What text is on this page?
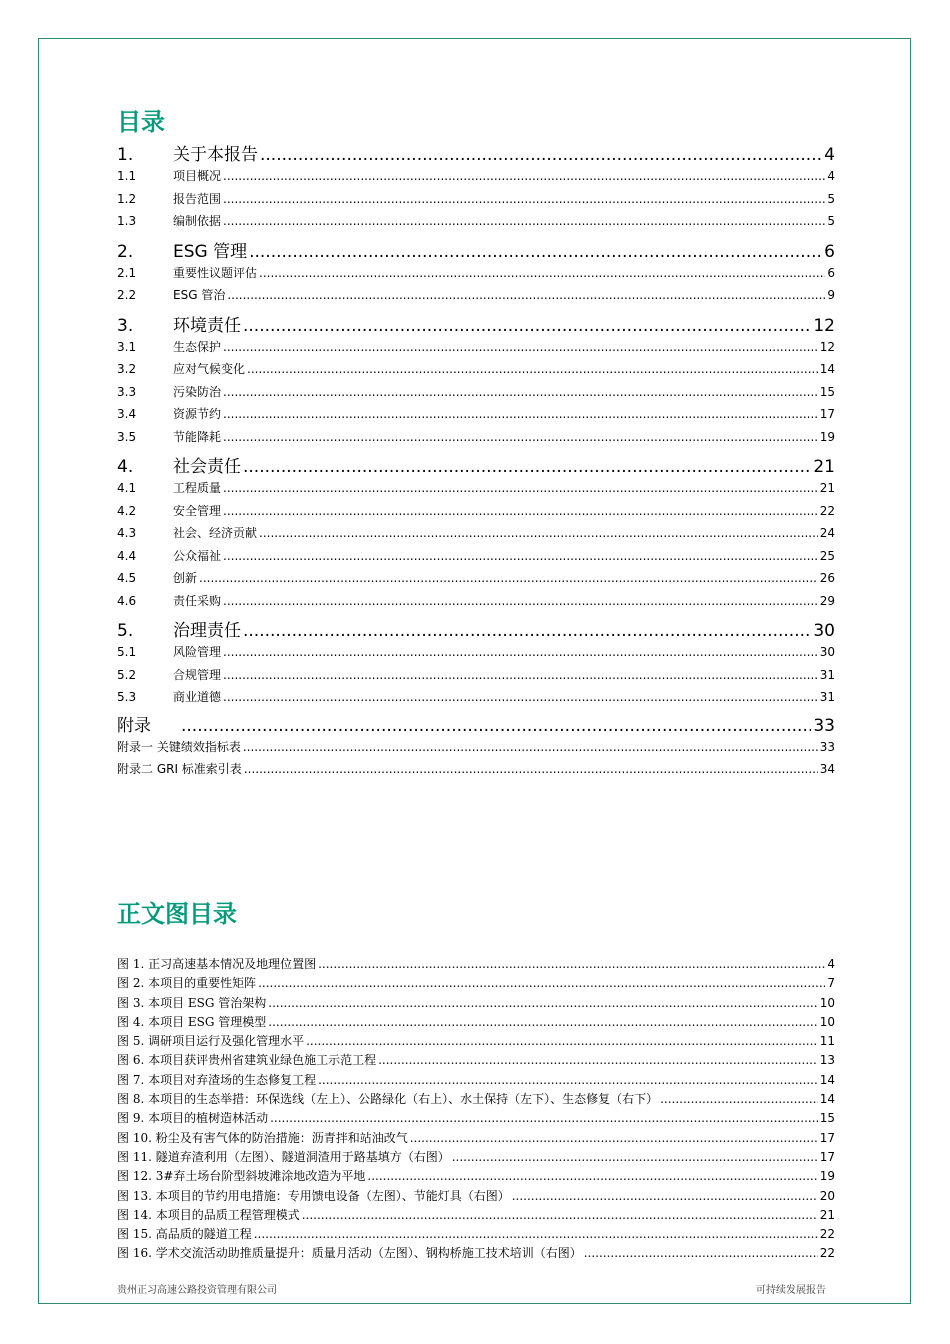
目录
1.	关于本报告 .....	4
1.1	项目概况 .....	4
1.2	报告范围 .....	5
1.3	编制依据 .....	5
2.	ESG 管理 .....	6
2.1	重要性议题评估 .....	6
2.2	ESG 管治 .....	9
3.	环境责任 .....	12
3.1	生态保护 .....	12
3.2	应对气候变化 .....	14
3.3	污染防治 .....	15
3.4	资源节约 .....	17
3.5	节能降耗 .....	19
4.	社会责任 .....	21
4.1	工程质量 .....	21
4.2	安全管理 .....	22
4.3	社会、经济贡献 .....	24
4.4	公众福祉 .....	25
4.5	创新 .....	26
4.6	责任采购 .....	29
5.	治理责任 .....	30
5.1	风险管理 .....	30
5.2	合规管理 .....	31
5.3	商业道德 .....	31
附录 .....	33
附录一 关键绩效指标表 .....	33
附录二 GRI 标准索引表 .....	34
正文图目录
图 1. 正习高速基本情况及地理位置图 .....	4
图 2. 本项目的重要性矩阵 .....	7
图 3. 本项目 ESG 管治架构 .....	10
图 4. 本项目 ESG 管理模型 .....	10
图 5. 调研项目运行及强化管理水平 .....	11
图 6. 本项目获评贵州省建筑业绿色施工示范工程 .....	13
图 7. 本项目对弃渣场的生态修复工程 .....	14
图 8. 本项目的生态举措：环保选线（左上）、公路绿化（右上）、水土保持（左下）、生态修复（右下） .....	14
图 9. 本项目的植树造林活动 .....	15
图 10. 粉尘及有害气体的防治措施：沥青拌和站油改气 .....	17
图 11. 隧道弃渣利用（左图）、隧道洞渣用于路基填方（右图） .....	17
图 12. 3#弃土场台阶型斜坡滩涂地改造为平地 .....	19
图 13. 本项目的节约用电措施：专用馈电设备（左图）、节能灯具（右图） .....	20
图 14. 本项目的品质工程管理模式 .....	21
图 15. 高品质的隧道工程 .....	22
图 16. 学术交流活动助推质量提升：质量月活动（左图）、钢构桥施工技术培训（右图） .....	22
贵州正习高速公路投资管理有限公司	可持续发展报告
